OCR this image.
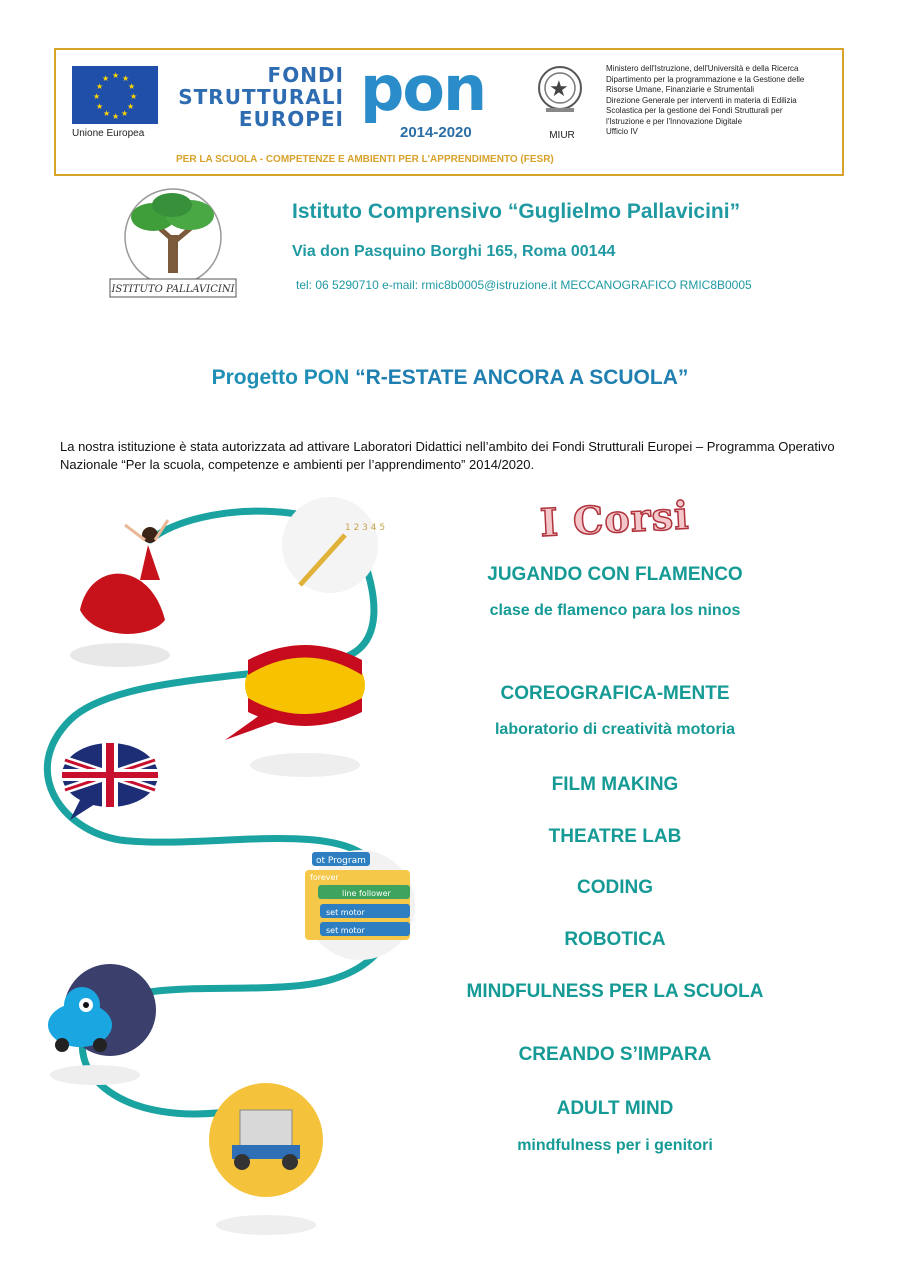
★ ★
★
★
★
★
★
★
★
★
★
★
Unione Europea
FONDI
STRUTTURALI
EUROPEI pon
2014-2020
PER LA SCUOLA - COMPETENZE E AMBIENTI PER L'APPRENDIMENTO (FESR)
★
MIUR
Ministero dell'Istruzione, dell'Università e della Ricerca
Dipartimento per la programmazione e la Gestione delle
Risorse Umane, Finanziarie e Strumentali
Direzione Generale per interventi in materia di Edilizia
Scolastica per la gestione dei Fondi Strutturali per
l'Istruzione e per l'Innovazione Digitale
Ufficio IV
ISTITUTO PALLAVICINI
Istituto Comprensivo “Guglielmo Pallavicini”
Via don Pasquino Borghi 165, Roma 00144
tel: 06 5290710 e-mail: rmic8b0005@istruzione.it MECCANOGRAFICO RMIC8B0005
Progetto PON “R-ESTATE ANCORA A SCUOLA”
La nostra istituzione è stata autorizzata ad attivare Laboratori Didattici nell’ambito dei Fondi Strutturali Europei – Programma Operativo Nazionale “Per la scuola, competenze e ambienti per l’apprendimento” 2014/2020.
1 2 3 4 5
ot Program
forever
line follower
set motor
set motor
I Corsi
JUGANDO CON FLAMENCO
clase de flamenco para los ninos
COREOGRAFICA-MENTE
laboratorio di creatività motoria
FILM MAKING
THEATRE LAB
CODING
ROBOTICA
MINDFULNESS PER LA SCUOLA
CREANDO S’IMPARA
ADULT MIND
mindfulness per i genitori
